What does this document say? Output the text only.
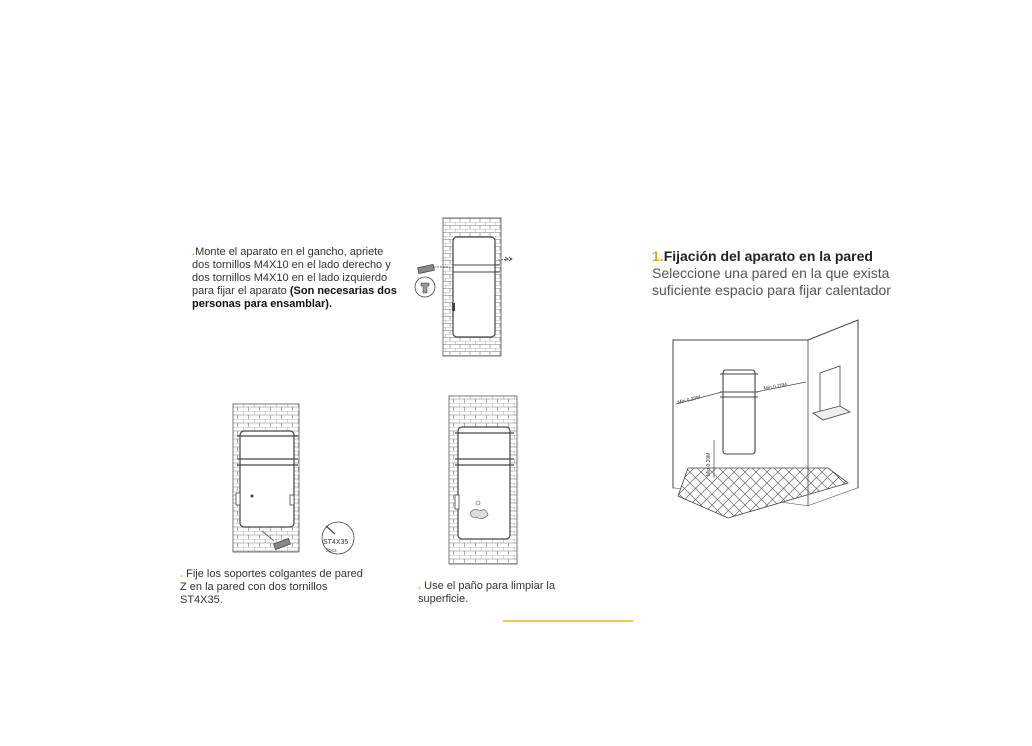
.Monte el aparato en el gancho, apriete dos tornillos M4X10 en el lado derecho y dos tornillos M4X10 en el lado izquierdo para fijar el aparato (Son necesarias dos personas para ensamblar).
ST4X35
2pcs
. Fije los soportes colgantes de pared Z en la pared con dos tornillos ST4X35.
. Use el paño para limpiar la superficie.
1.Fijación del aparato en la pared
Seleccione una pared en la que exista suficiente espacio para fijar calentador
Min 0.20M
Min 0.20M
Min 0.20M
